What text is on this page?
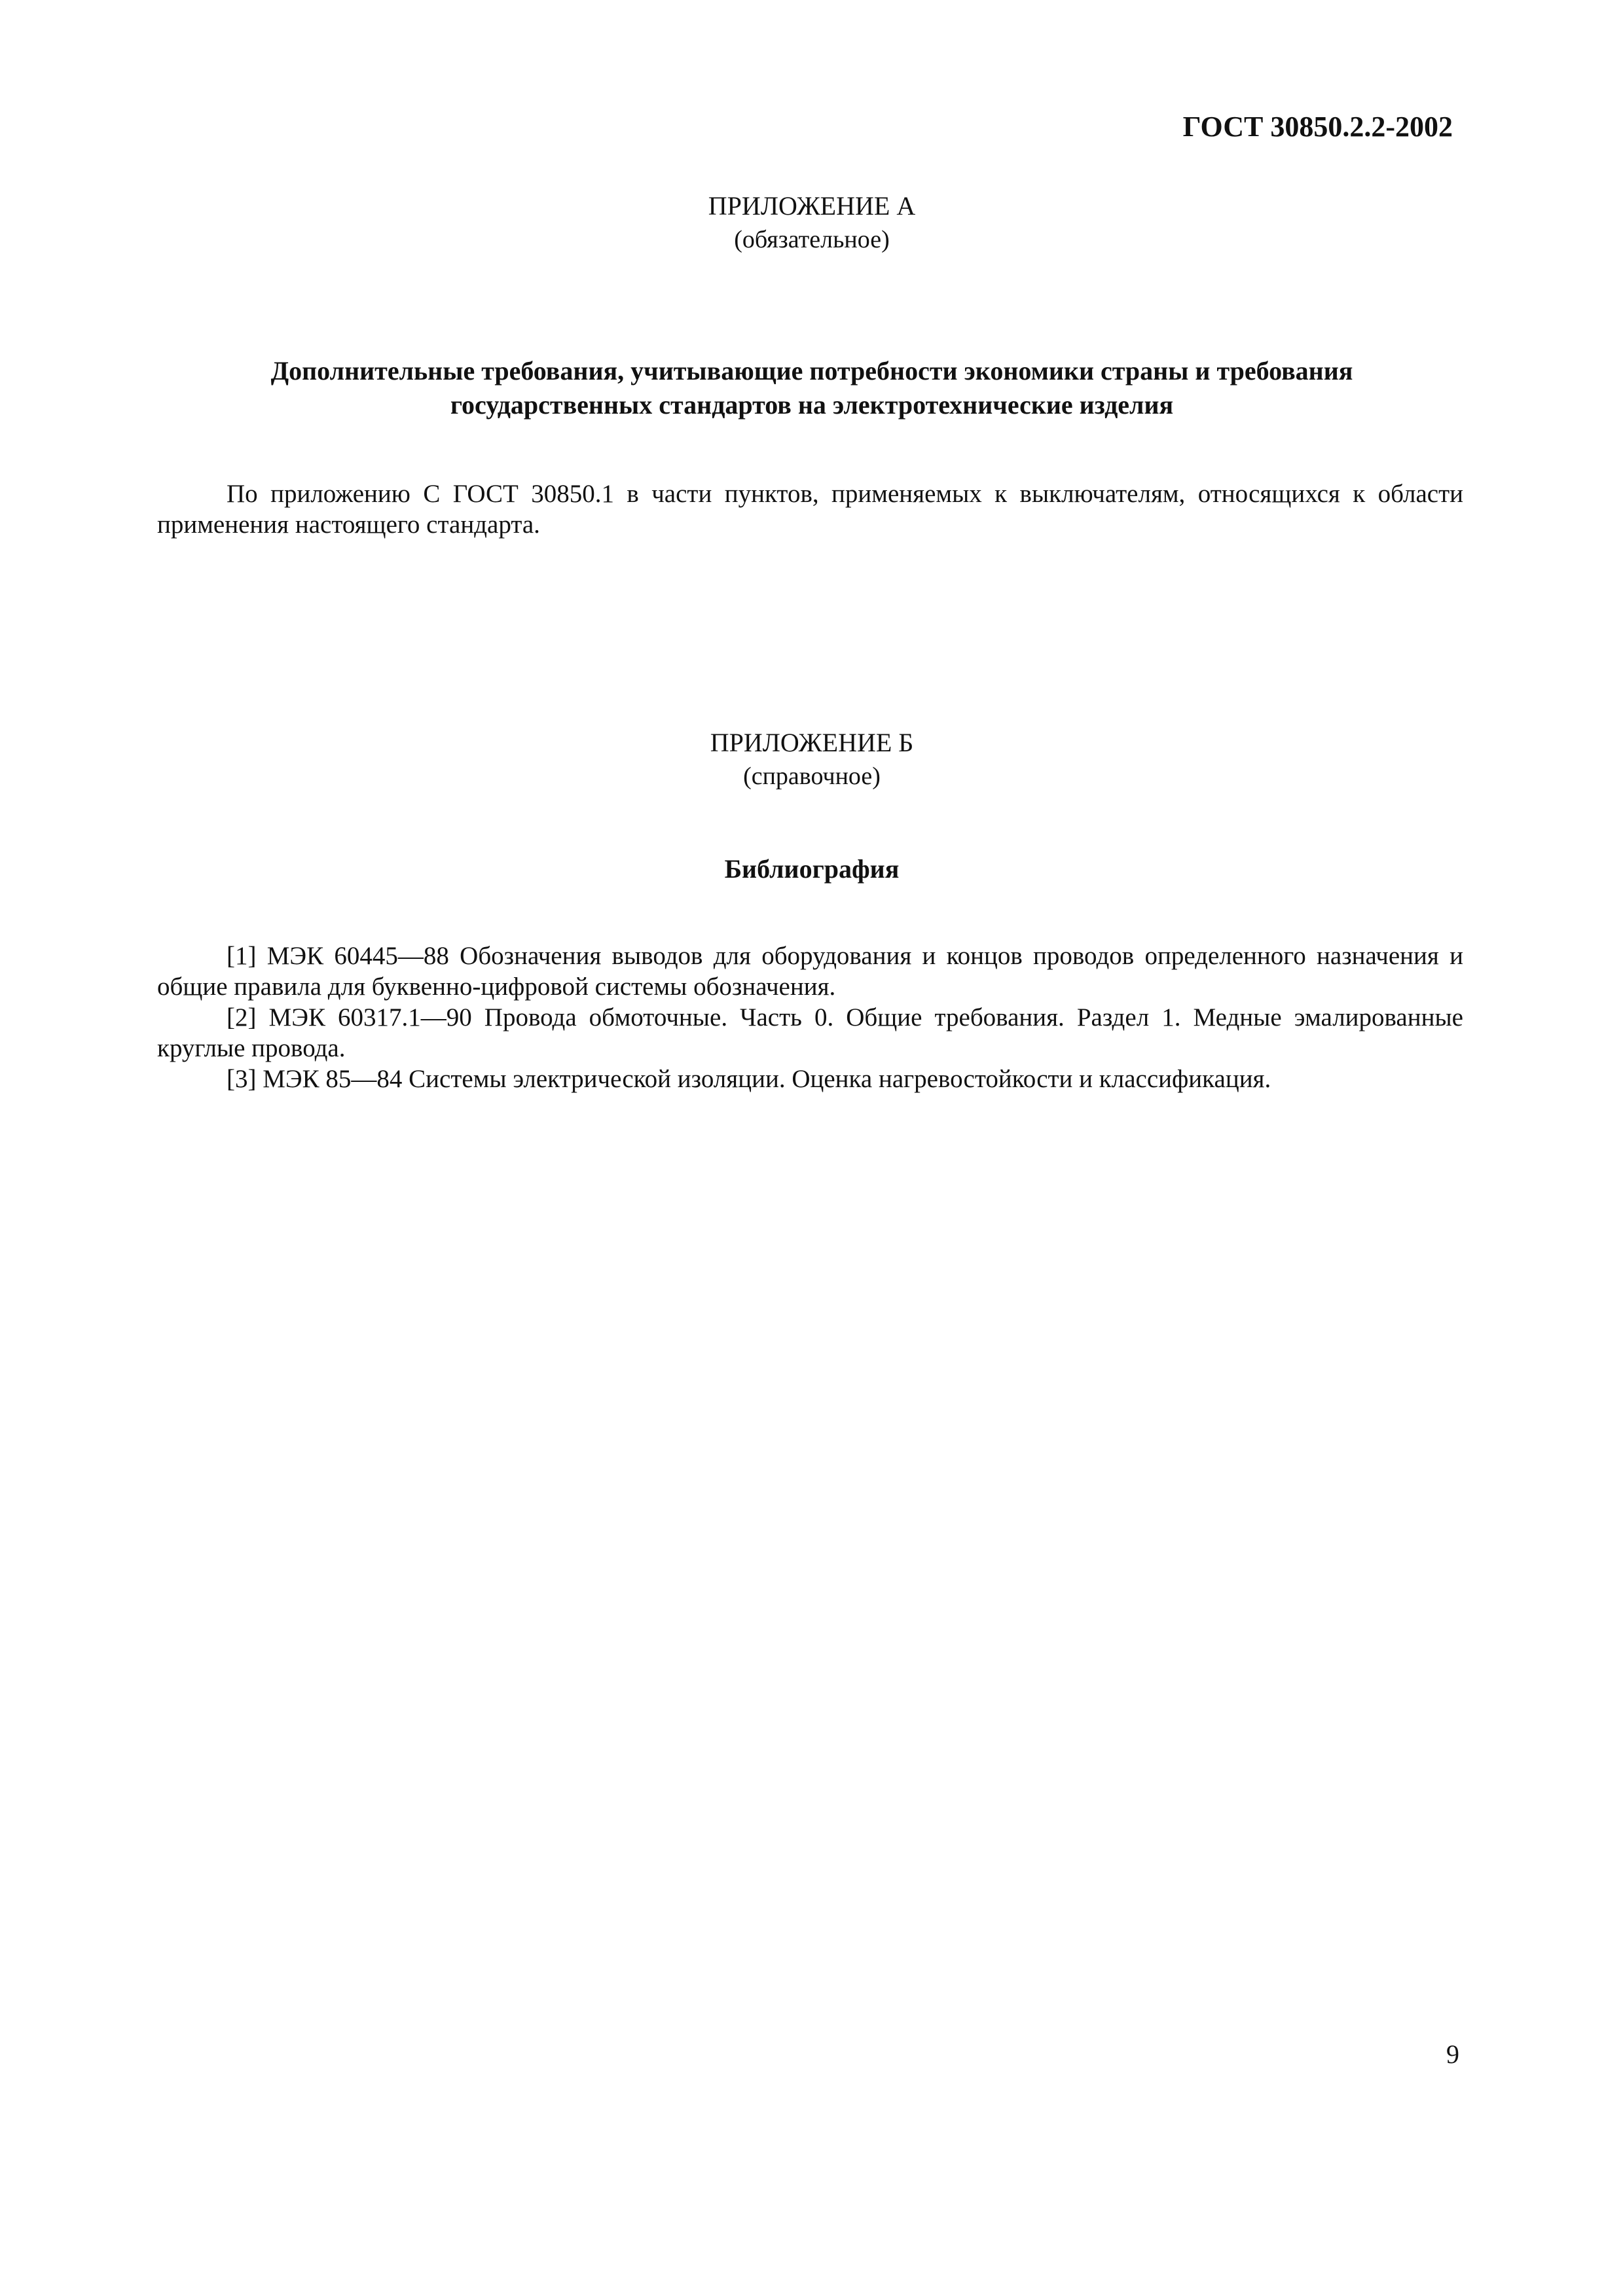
ГОСТ 30850.2.2-2002
ПРИЛОЖЕНИЕ А
(обязательное)
Дополнительные требования, учитывающие потребности экономики страны и требования
государственных стандартов на электротехнические изделия
По приложению С ГОСТ 30850.1 в части пунктов, применяемых к выключателям, относящихся к области применения настоящего стандарта.
ПРИЛОЖЕНИЕ Б
(справочное)
Библиография

[1] МЭК 60445—88 Обозначения выводов для оборудования и концов проводов определенного назначения и общие правила для буквенно-цифровой системы обозначения.

[2] МЭК 60317.1—90 Провода обмоточные. Часть 0. Общие требования. Раздел 1. Медные эмалированные круглые провода.

[3] МЭК 85—84 Системы электрической изоляции. Оценка нагревостойкости и классификация.

9
